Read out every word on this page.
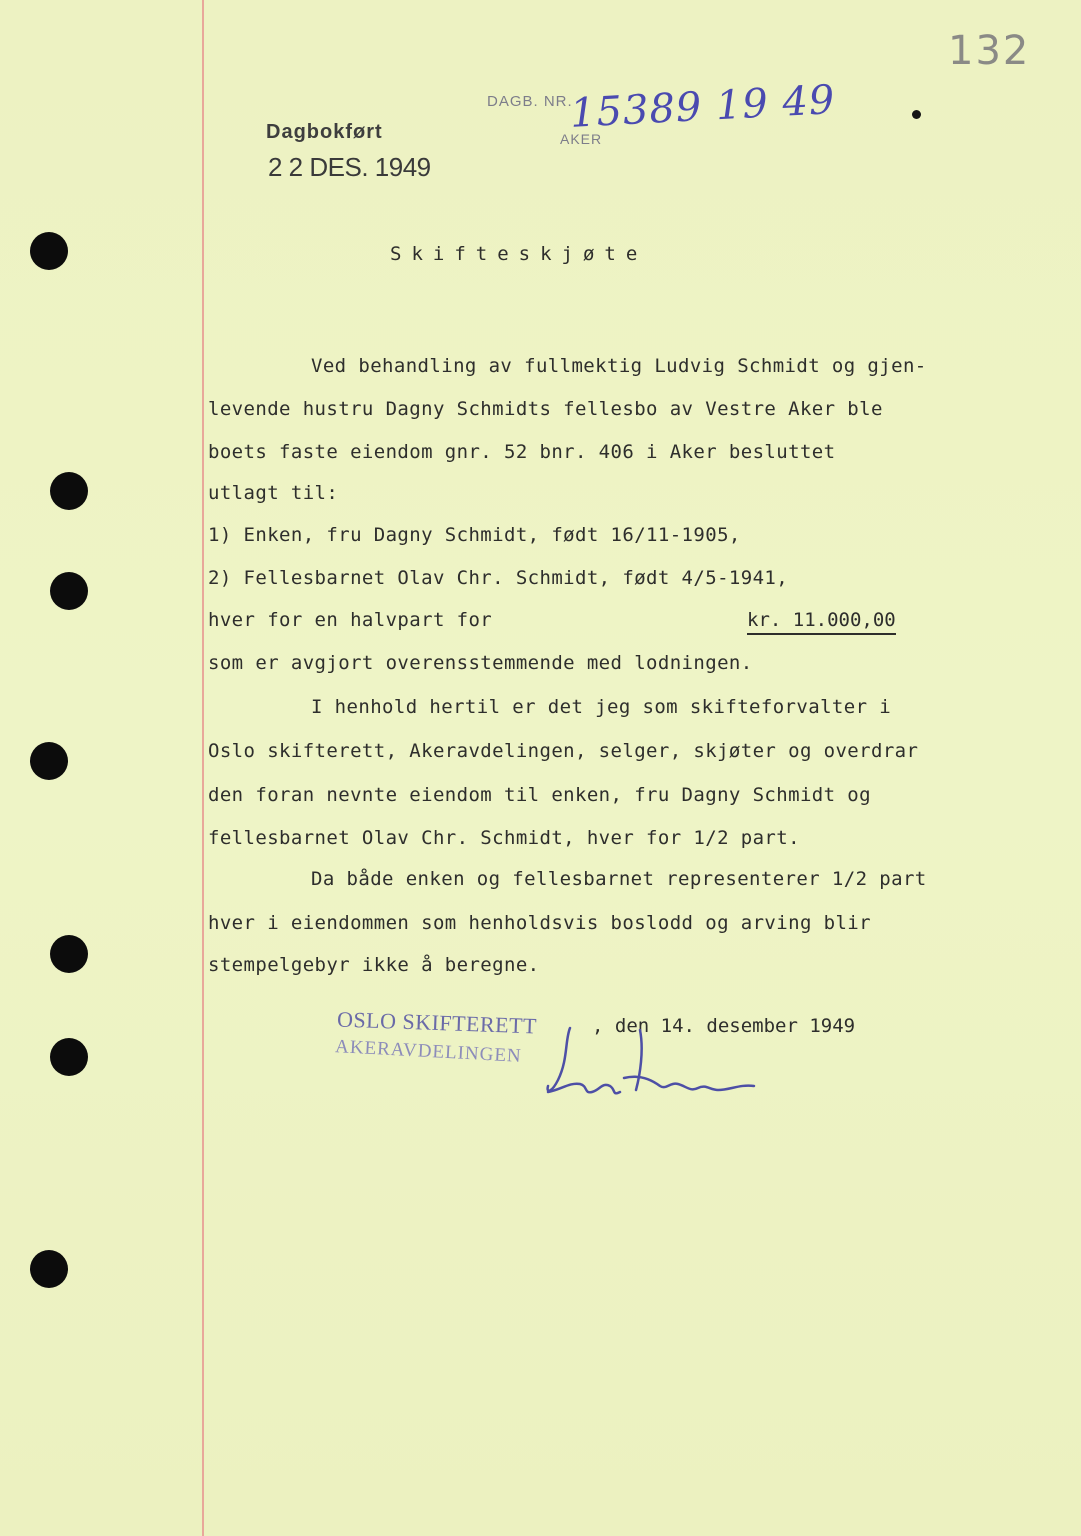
132
DAGB. NR.
15389 19 49
AKER
Dagbokført
2 2 DES. 1949
Skifteskjøte
Ved behandling av fullmektig Ludvig Schmidt og gjen-
levende hustru Dagny Schmidts fellesbo av Vestre Aker ble
boets faste eiendom gnr. 52 bnr. 406 i Aker besluttet
utlagt til:
1) Enken, fru Dagny Schmidt, født 16/11-1905,
2) Fellesbarnet Olav Chr. Schmidt, født 4/5-1941,
hver for en halvpart for	kr. 11.000,00
som er avgjort overensstemmende med lodningen.
I henhold hertil er det jeg som skifteforvalter i
Oslo skifterett, Akeravdelingen, selger, skjøter og overdrar
den foran nevnte eiendom til enken, fru Dagny Schmidt og
fellesbarnet Olav Chr. Schmidt, hver for 1/2 part.
Da både enken og fellesbarnet representerer 1/2 part
hver i eiendommen som henholdsvis boslodd og arving blir
stempelgebyr ikke å beregne.
OSLO SKIFTERETT
AKERAVDELINGEN
, den 14. desember 1949
